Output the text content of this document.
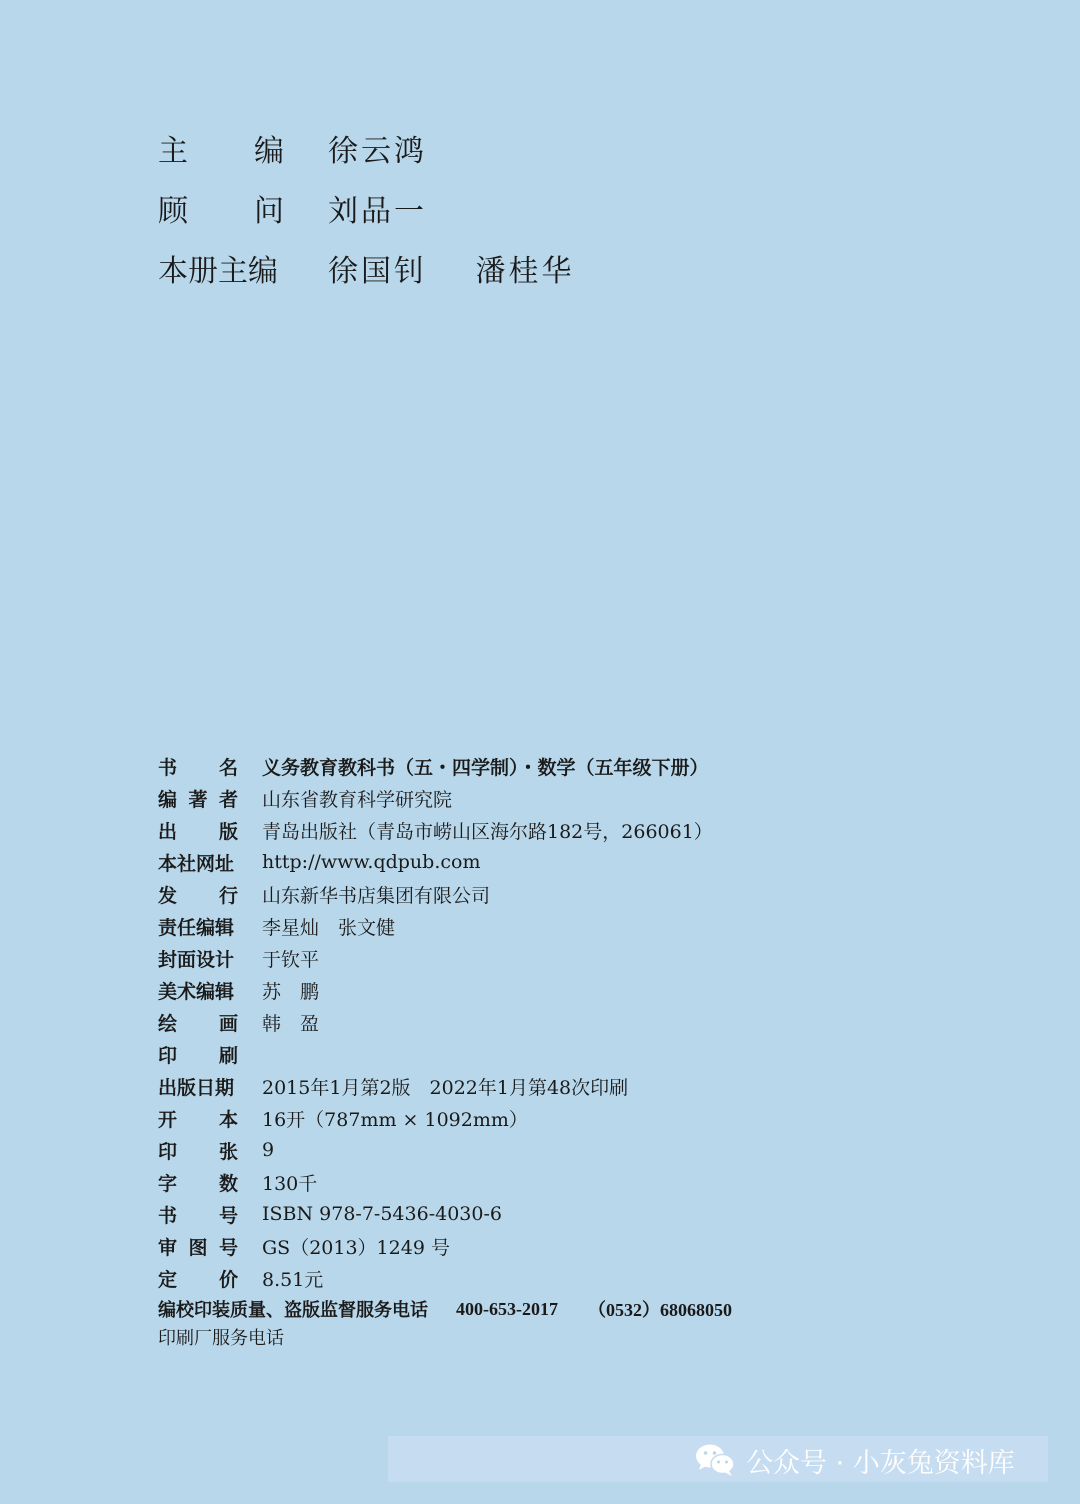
主 编 徐云鸿
顾 问 刘品一
本册主编 徐国钊 潘桂华
书 名 义务教育教科书（五・四学制）・数学（五年级下册）
编 著 者 山东省教育科学研究院
出 版 青岛出版社（青岛市崂山区海尔路182号，266061）
本社网址 http://www.qdpub.com
发 行 山东新华书店集团有限公司
责任编辑 李星灿　张文健
封面设计 于钦平
美术编辑 苏　鹏
绘 画 韩　盈
印 刷
出版日期 2015年1月第2版　2022年1月第48次印刷
开 本 16开（787mm × 1092mm）
印 张 9
字 数 130千
书 号 ISBN 978-7-5436-4030-6
审 图 号 GS（2013）1249 号
定 价 8.51元
编校印装质量、盗版监督服务电话 400-653-2017 （0532）68068050
印刷厂服务电话
公众号 · 小灰兔资料库
